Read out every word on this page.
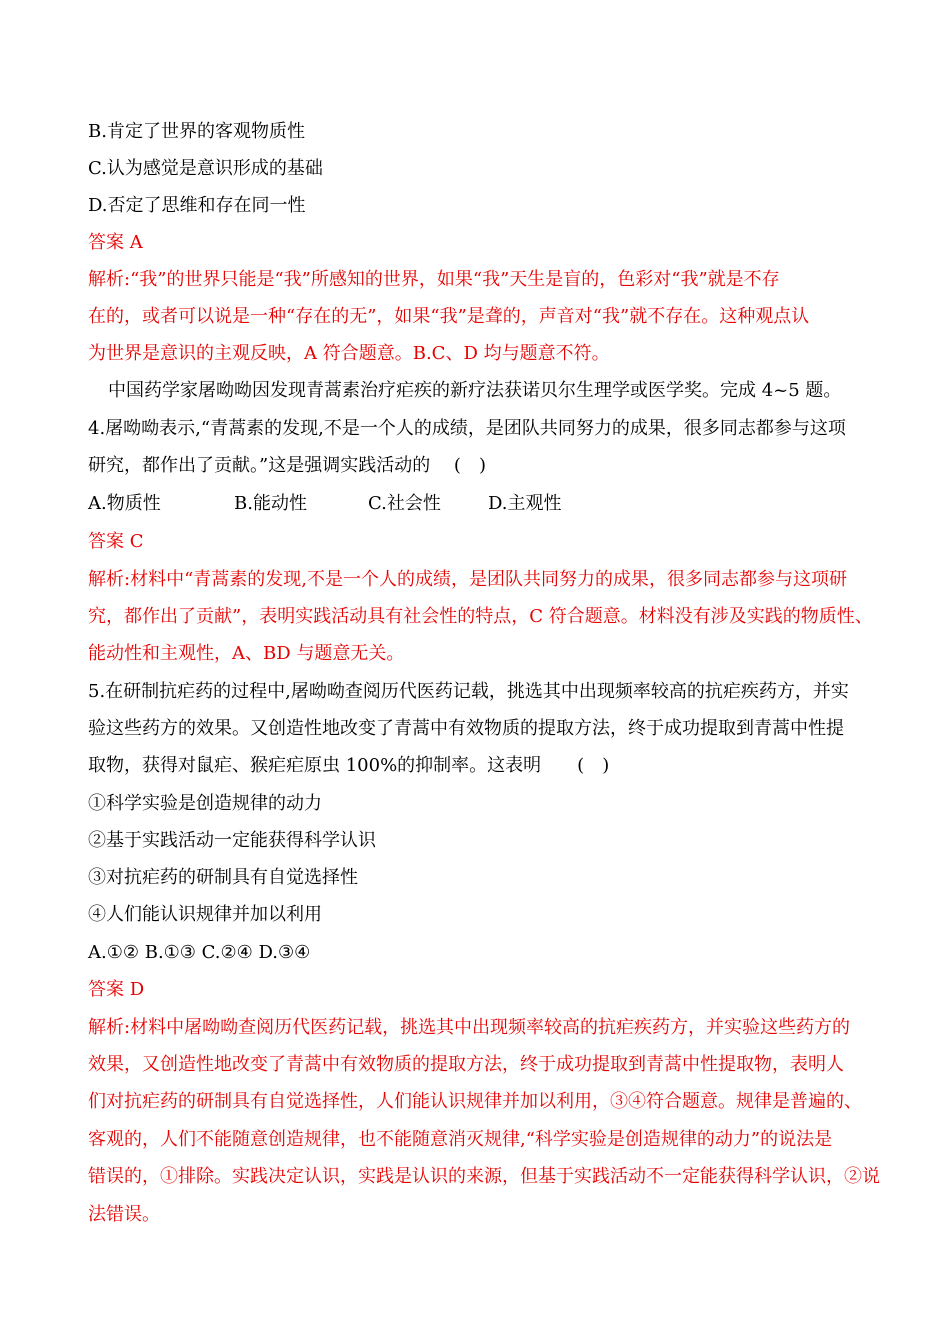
B.肯定了世界的客观物质性
C.认为感觉是意识形成的基础
D.否定了思维和存在同一性
答案 A
解析:“我”的世界只能是“我”所感知的世界，如果“我”天生是盲的，色彩对“我”就是不存
在的，或者可以说是一种“存在的无”，如果“我”是聋的，声音对“我”就不存在。这种观点认
为世界是意识的主观反映，A 符合题意。B.C、D 均与题意不符。
中国药学家屠呦呦因发现青蒿素治疗疟疾的新疗法获诺贝尔生理学或医学奖。完成 4~5 题。
4.屠呦呦表示,“青蒿素的发现,不是一个人的成绩，是团队共同努力的成果，很多同志都参与这项
研究，都作出了贡献。”这是强调实践活动的　 (　)
A.物质性	B.能动性	C.社会性	D.主观性
答案 C
解析:材料中“青蒿素的发现,不是一个人的成绩，是团队共同努力的成果，很多同志都参与这项研
究，都作出了贡献”，表明实践活动具有社会性的特点，C 符合题意。材料没有涉及实践的物质性、
能动性和主观性，A、BD 与题意无关。
5.在研制抗疟药的过程中,屠呦呦查阅历代医药记载，挑选其中出现频率较高的抗疟疾药方，并实
验这些药方的效果。又创造性地改变了青蒿中有效物质的提取方法，终于成功提取到青蒿中性提
取物，获得对鼠疟、猴疟疟原虫 100%的抑制率。这表明　　(　)
①科学实验是创造规律的动力
②基于实践活动一定能获得科学认识
③对抗疟药的研制具有自觉选择性
④人们能认识规律并加以利用
A.①② B.①③ C.②④ D.③④
答案 D
解析:材料中屠呦呦查阅历代医药记载，挑选其中出现频率较高的抗疟疾药方，并实验这些药方的
效果，又创造性地改变了青蒿中有效物质的提取方法，终于成功提取到青蒿中性提取物，表明人
们对抗疟药的研制具有自觉选择性，人们能认识规律并加以利用，③④符合题意。规律是普遍的、
客观的，人们不能随意创造规律，也不能随意消灭规律,“科学实验是创造规律的动力”的说法是
错误的，①排除。实践决定认识，实践是认识的来源，但基于实践活动不一定能获得科学认识，②说
法错误。
